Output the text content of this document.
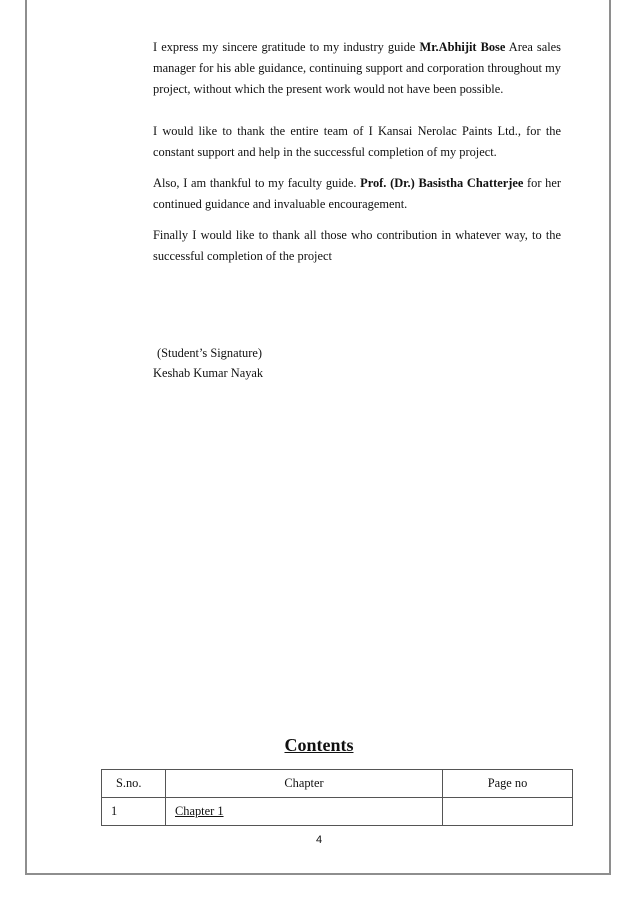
I express my sincere gratitude to my industry guide Mr.Abhijit Bose Area sales manager for his able guidance, continuing support and corporation throughout my project, without which the present work would not have been possible.

I would like to thank the entire team of I Kansai Nerolac Paints Ltd., for the constant support and help in the successful completion of my project.

Also, I am thankful to my faculty guide. Prof. (Dr.) Basistha Chatterjee for her continued guidance and invaluable encouragement.

Finally I would like to thank all those who contribution in whatever way, to the successful completion of the project

(Student’s Signature)
Keshab Kumar Nayak
Contents
S.no.	Chapter	Page no
1	Chapter 1	
4
